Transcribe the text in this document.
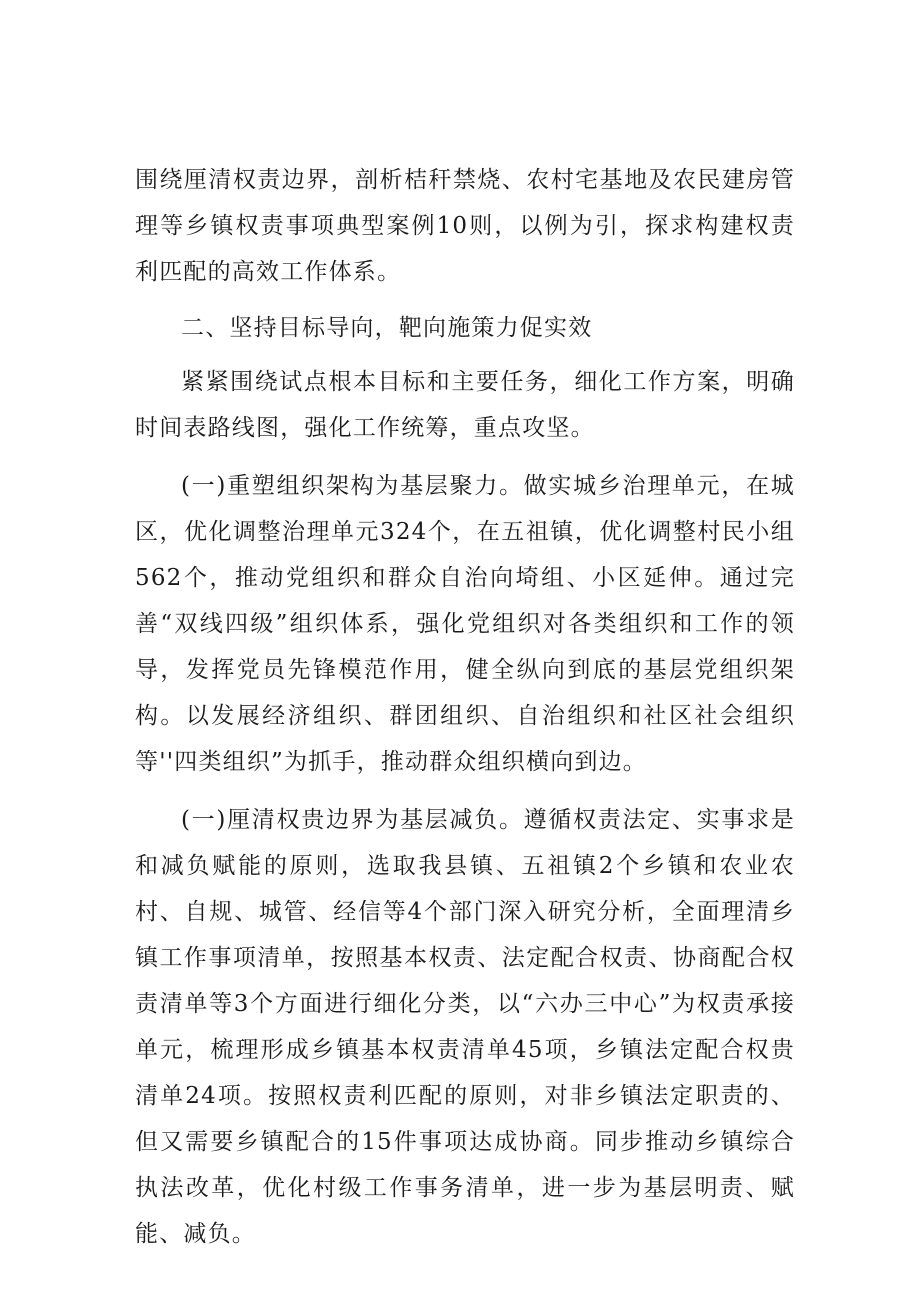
围绕厘清权责边界，剖析桔秆禁烧、农村宅基地及农民建房管理等乡镇权责事项典型案例10则，以例为引，探求构建权责利匹配的高效工作体系。

二、坚持目标导向，靶向施策力促实效

紧紧围绕试点根本目标和主要任务，细化工作方案，明确时间表路线图，强化工作统筹，重点攻坚。

(一)重塑组织架构为基层聚力。做实城乡治理单元，在城区，优化调整治理单元324个，在五祖镇，优化调整村民小组562个，推动党组织和群众自治向埼组、小区延伸。通过完善“双线四级”组织体系，强化党组织对各类组织和工作的领导，发挥党员先锋模范作用，健全纵向到底的基层党组织架构。以发展经济组织、群团组织、自治组织和社区社会组织等''四类组织”为抓手，推动群众组织横向到边。

(一)厘清权贵边界为基层减负。遵循权责法定、实事求是和减负赋能的原则，选取我县镇、五祖镇2个乡镇和农业农村、自规、城管、经信等4个部门深入研究分析，全面理清乡镇工作事项清单，按照基本权责、法定配合权责、协商配合权责清单等3个方面进行细化分类，以“六办三中心”为权责承接单元，梳理形成乡镇基本权责清单45项，乡镇法定配合权贵清单24项。按照权责利匹配的原则，对非乡镇法定职责的、但又需要乡镇配合的15件事项达成协商。同步推动乡镇综合执法改革，优化村级工作事务清单，进一步为基层明责、赋能、减负。
